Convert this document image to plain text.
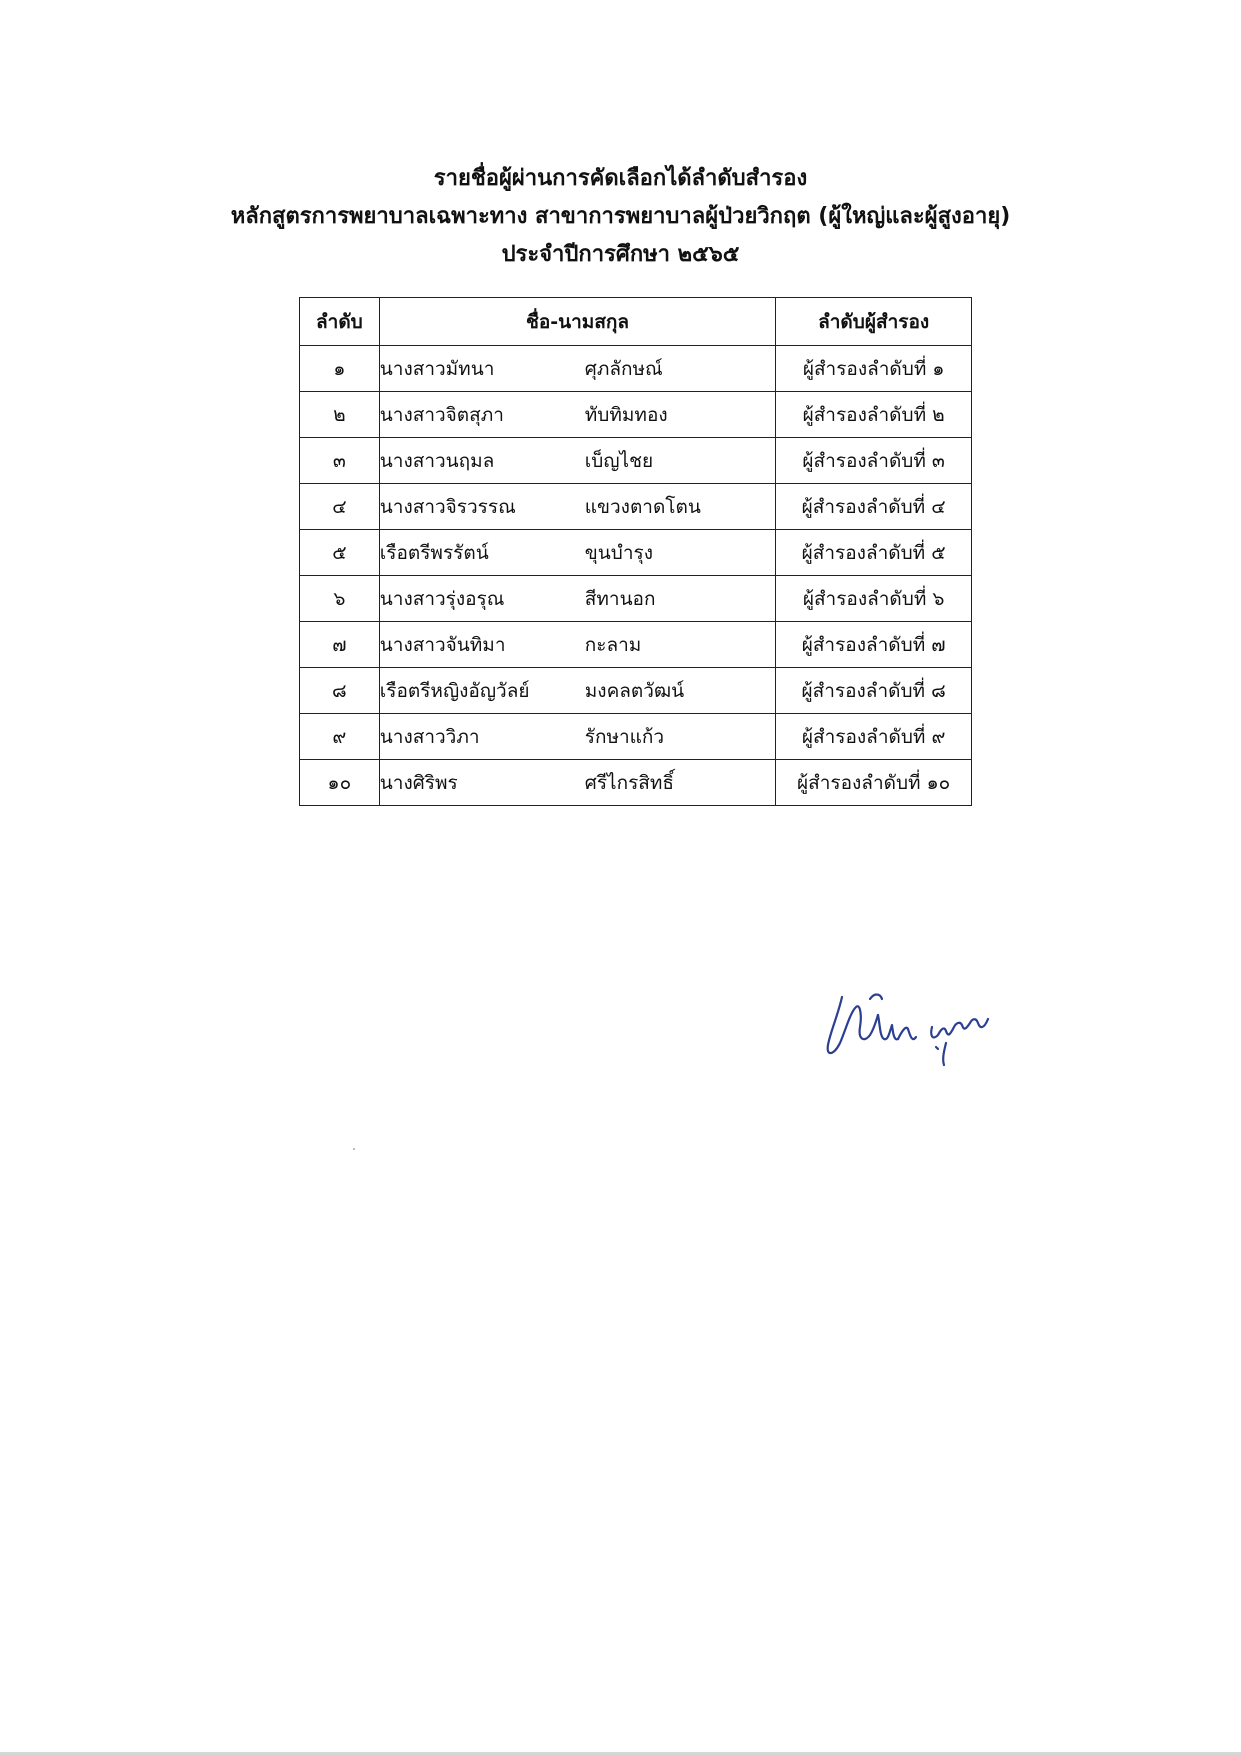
รายชื่อผู้ผ่านการคัดเลือกได้ลำดับสำรอง
หลักสูตรการพยาบาลเฉพาะทาง สาขาการพยาบาลผู้ป่วยวิกฤต (ผู้ใหญ่และผู้สูงอายุ)
ประจำปีการศึกษา ๒๕๖๕
ลำดับ	ชื่อ-นามสกุล	ลำดับผู้สำรอง
๑	นางสาวมัทนา ศุภลักษณ์	ผู้สำรองลำดับที่ ๑
๒	นางสาวจิตสุภา ทับทิมทอง	ผู้สำรองลำดับที่ ๒
๓	นางสาวนฤมล เบ็ญไชย	ผู้สำรองลำดับที่ ๓
๔	นางสาวจิรวรรณ แขวงตาดโตน	ผู้สำรองลำดับที่ ๔
๕	เรือตรีพรรัตน์ ขุนบำรุง	ผู้สำรองลำดับที่ ๕
๖	นางสาวรุ่งอรุณ สีทานอก	ผู้สำรองลำดับที่ ๖
๗	นางสาวจันทิมา กะลาม	ผู้สำรองลำดับที่ ๗
๘	เรือตรีหญิงอัญวัลย์ มงคลตวัฒน์	ผู้สำรองลำดับที่ ๘
๙	นางสาววิภา รักษาแก้ว	ผู้สำรองลำดับที่ ๙
๑๐	นางศิริพร ศรีไกรสิทธิ์	ผู้สำรองลำดับที่ ๑๐
